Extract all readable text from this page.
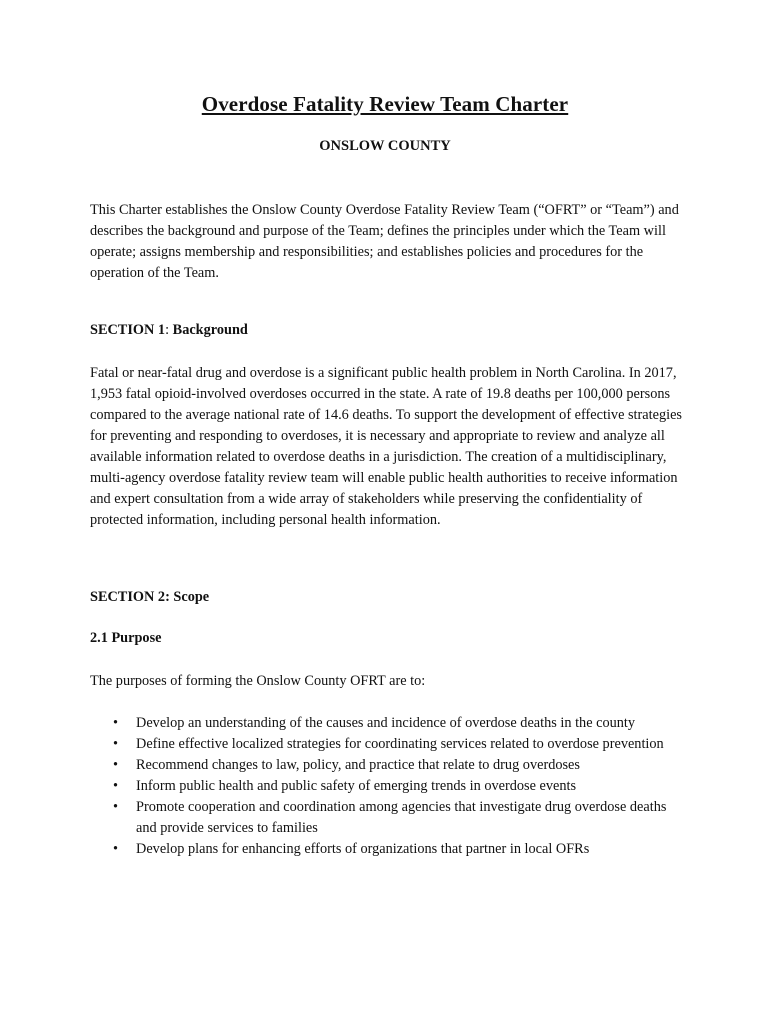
Overdose Fatality Review Team Charter
ONSLOW COUNTY

This Charter establishes the Onslow County Overdose Fatality Review Team (“OFRT” or “Team”) and describes the background and purpose of the Team; defines the principles under which the Team will operate; assigns membership and responsibilities; and establishes policies and procedures for the operation of the Team.

SECTION 1: Background

Fatal or near-fatal drug and overdose is a significant public health problem in North Carolina. In 2017, 1,953 fatal opioid-involved overdoses occurred in the state. A rate of 19.8 deaths per 100,000 persons compared to the average national rate of 14.6 deaths. To support the development of effective strategies for preventing and responding to overdoses, it is necessary and appropriate to review and analyze all available information related to overdose deaths in a jurisdiction. The creation of a multidisciplinary, multi-agency overdose fatality review team will enable public health authorities to receive information and expert consultation from a wide array of stakeholders while preserving the confidentiality of protected information, including personal health information.

SECTION 2: Scope

2.1 Purpose

The purposes of forming the Onslow County OFRT are to:

• Develop an understanding of the causes and incidence of overdose deaths in the county
• Define effective localized strategies for coordinating services related to overdose prevention
• Recommend changes to law, policy, and practice that relate to drug overdoses
• Inform public health and public safety of emerging trends in overdose events
• Promote cooperation and coordination among agencies that investigate drug overdose deaths and provide services to families
• Develop plans for enhancing efforts of organizations that partner in local OFRs
